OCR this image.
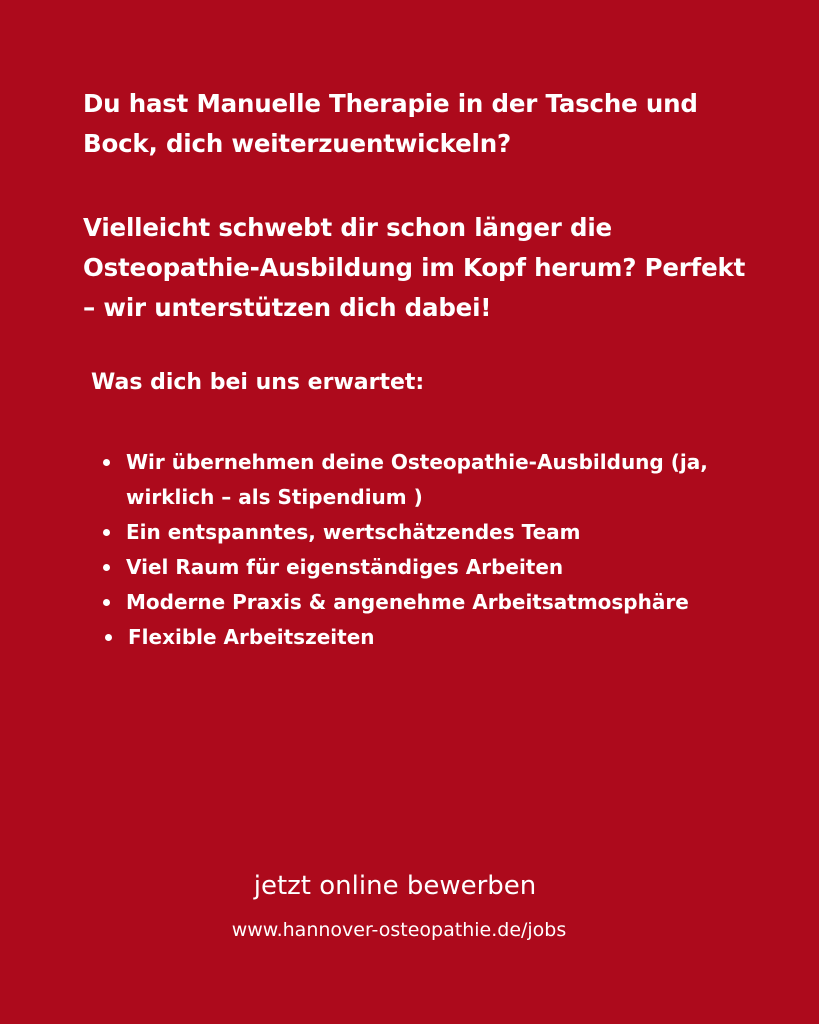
Du hast Manuelle Therapie in der Tasche und Bock, dich weiterzuentwickeln?

Vielleicht schwebt dir schon länger die Osteopathie-Ausbildung im Kopf herum? Perfekt – wir unterstützen dich dabei!

Was dich bei uns erwartet:
Wir übernehmen deine Osteopathie-Ausbildung (ja, wirklich – als Stipendium )
Ein entspanntes, wertschätzendes Team
Viel Raum für eigenständiges Arbeiten
Moderne Praxis & angenehme Arbeitsatmosphäre
Flexible Arbeitszeiten
jetzt online bewerben
www.hannover-osteopathie.de/jobs
